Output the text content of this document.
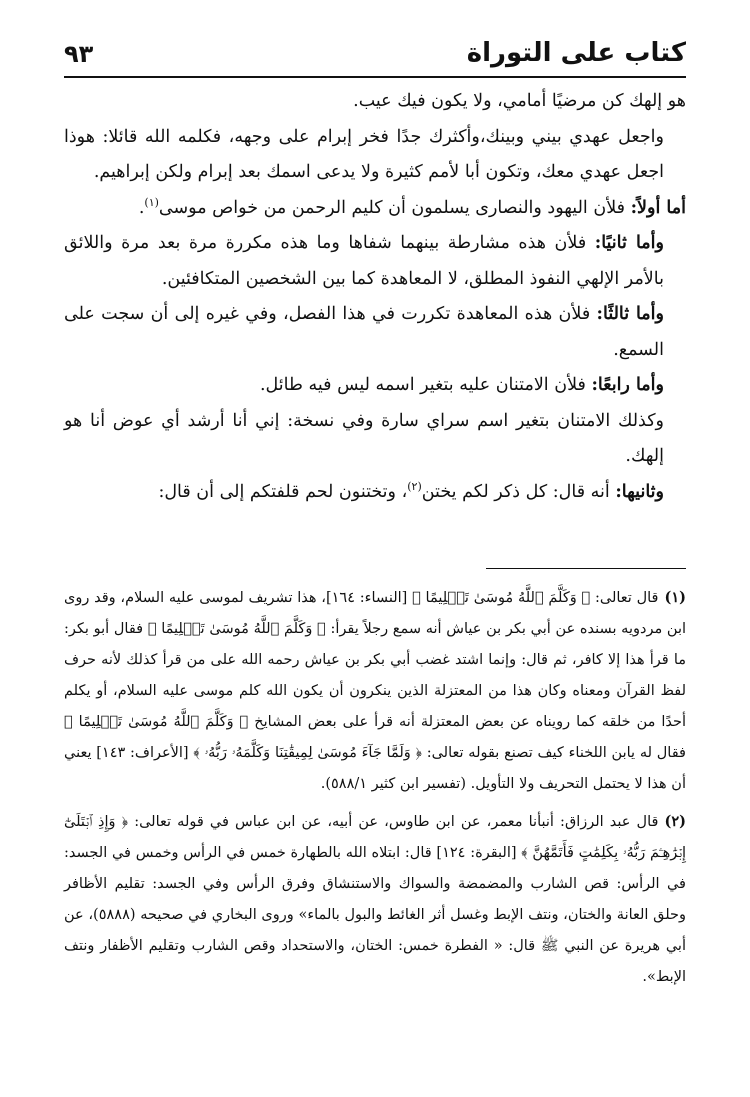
كتاب على التوراة
٩٣

هو إلهك كن مرضيًا أمامي، ولا يكون فيك عيب.

واجعل عهدي بيني وبينك،وأكثرك جدًا فخر إبرام على وجهه، فكلمه الله قائلا: هوذا اجعل عهدي معك، وتكون أبا لأمم كثيرة ولا يدعى اسمك بعد إبرام ولكن إبراهيم.

أما أولاً: فلأن اليهود والنصارى يسلمون أن كليم الرحمن من خواص موسى$^{(١)}$.

وأما ثانيًا: فلأن هذه مشارطة بينهما شفاها وما هذه مكررة مرة بعد مرة واللائق بالأمر الإلهي النفوذ المطلق، لا المعاهدة كما بين الشخصين المتكافئين.

وأما ثالثًا: فلأن هذه المعاهدة تكررت في هذا الفصل، وفي غيره إلى أن سجت على السمع.

وأما رابعًا: فلأن الامتنان عليه بتغير اسمه ليس فيه طائل.

وكذلك الامتنان بتغير اسم سراي سارة وفي نسخة: إني أنا أرشد أي عوض أنا هو إلهك.

وثانيها: أنه قال: كل ذكر لكم يختن$^{(٢)}$، وتختنون لحم قلفتكم إلى أن قال:

(١)قال تعالى: ﴿ وَكَلَّمَ ٱللَّهُ مُوسَىٰ تَكۡلِيمًا ﴾ [النساء: ١٦٤]، هذا تشريف لموسى عليه السلام، وقد روى ابن مردويه بسنده عن أبي بكر بن عياش أنه سمع رجلاً يقرأ: ﴿ وَكَلَّمَ ٱللَّهُ مُوسَىٰ تَكۡلِيمًا ﴾ فقال أبو بكر: ما قرأ هذا إلا كافر، ثم قال: وإنما اشتد غضب أبي بكر بن عياش رحمه الله على من قرأ كذلك لأنه حرف لفظ القرآن ومعناه وكان هذا من المعتزلة الذين ينكرون أن يكون الله كلم موسى عليه السلام، أو يكلم أحدًا من خلقه كما رويناه عن بعض المعتزلة أنه قرأ على بعض المشايخ ﴿ وَكَلَّمَ ٱللَّهُ مُوسَىٰ تَكۡلِيمًا ﴾ فقال له يابن اللخناء كيف تصنع بقوله تعالى: ﴿ وَلَمَّا جَآءَ مُوسَىٰ لِمِيقَٰتِنَا وَكَلَّمَهُۥ رَبُّهُۥ ﴾ [الأعراف: ١٤٣] يعني أن هذا لا يحتمل التحريف ولا التأويل. (تفسير ابن كثير ٥٨٨/١).

(٢)قال عبد الرزاق: أنبأنا معمر، عن ابن طاوس، عن أبيه، عن ابن عباس في قوله تعالى: ﴿ وَإِذِ ٱبۡتَلَىٰٓ إِبۡرَٰهِـۧمَ رَبُّهُۥ بِكَلِمَٰتٍ فَأَتَمَّهُنَّ ﴾ [البقرة: ١٢٤] قال: ابتلاه الله بالطهارة خمس في الرأس وخمس في الجسد: في الرأس: قص الشارب والمضمضة والسواك والاستنشاق وفرق الرأس وفي الجسد: تقليم الأظافر وحلق العانة والختان، ونتف الإبط وغسل أثر الغائط والبول بالماء» وروى البخاري في صحيحه (٥٨٨٨)، عن أبي هريرة عن النبي ﷺ قال: « الفطرة خمس: الختان، والاستحداد وقص الشارب وتقليم الأظفار ونتف الإبط».
